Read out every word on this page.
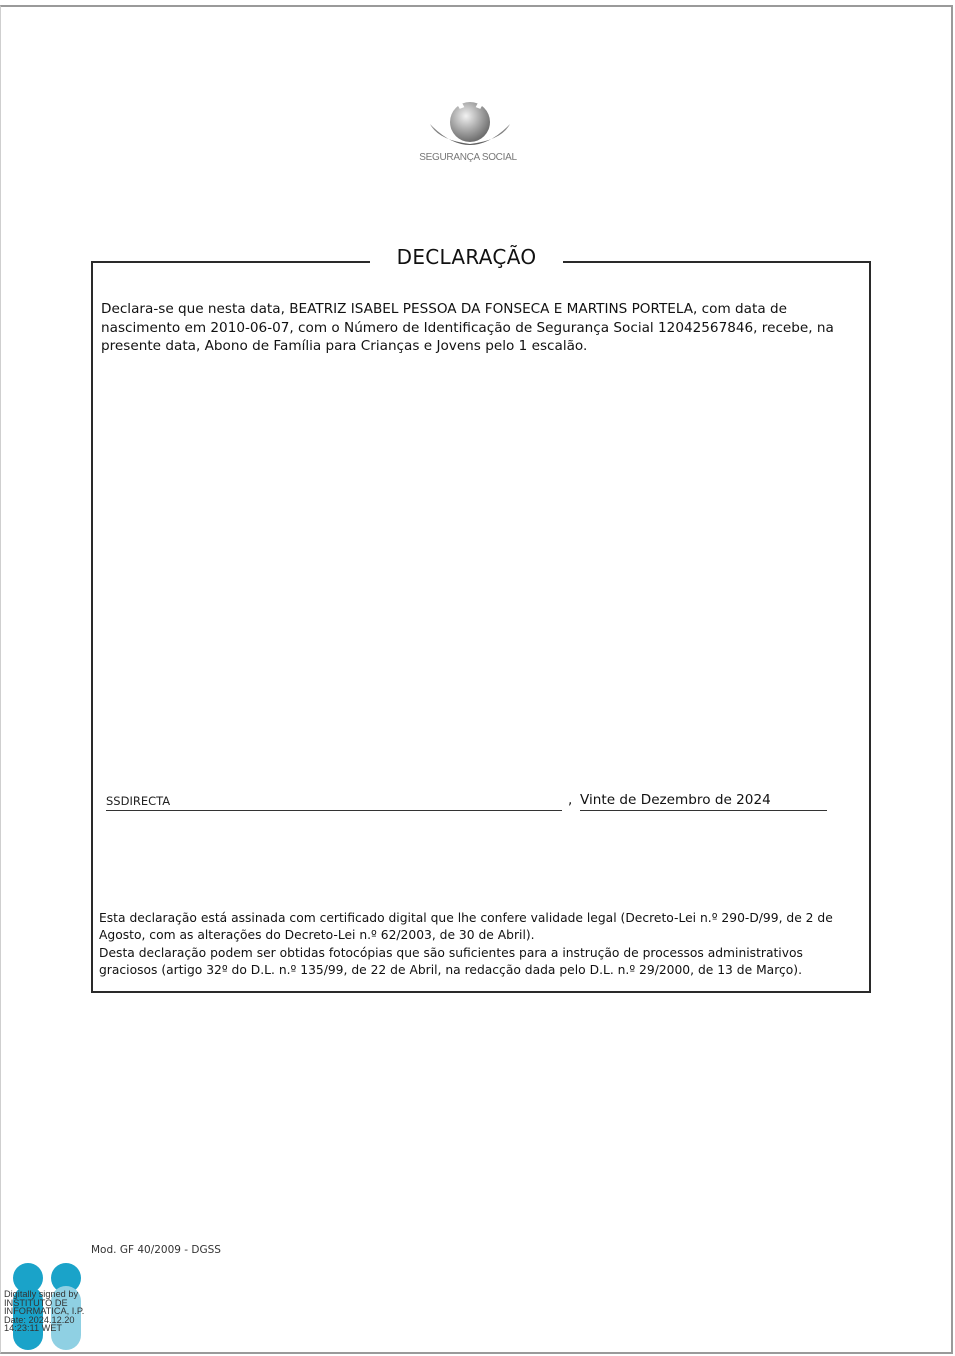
SEGURANÇA SOCIAL
DECLARAÇÃO
Declara-se que nesta data, BEATRIZ ISABEL PESSOA DA FONSECA E MARTINS PORTELA, com data de nascimento em 2010-06-07, com o Número de Identificação de Segurança Social 12042567846, recebe, na presente data, Abono de Família para Crianças e Jovens pelo 1 escalão.
SSDIRECTA	, Vinte de Dezembro de 2024

Esta declaração está assinada com certificado digital que lhe confere validade legal (Decreto-Lei n.º 290-D/99, de 2 de Agosto, com as alterações do Decreto-Lei n.º 62/2003, de 30 de Abril).

Desta declaração podem ser obtidas fotocópias que são suficientes para a instrução de processos administrativos graciosos (artigo 32º do D.L. n.º 135/99, de 22 de Abril, na redacção dada pelo D.L. n.º 29/2000, de 13 de Março).

Mod. GF 40/2009 - DGSS
Digitally signed by
INSTITUTO DE
INFORMATICA, I.P.
Date: 2024.12.20
14:23:11 WET
